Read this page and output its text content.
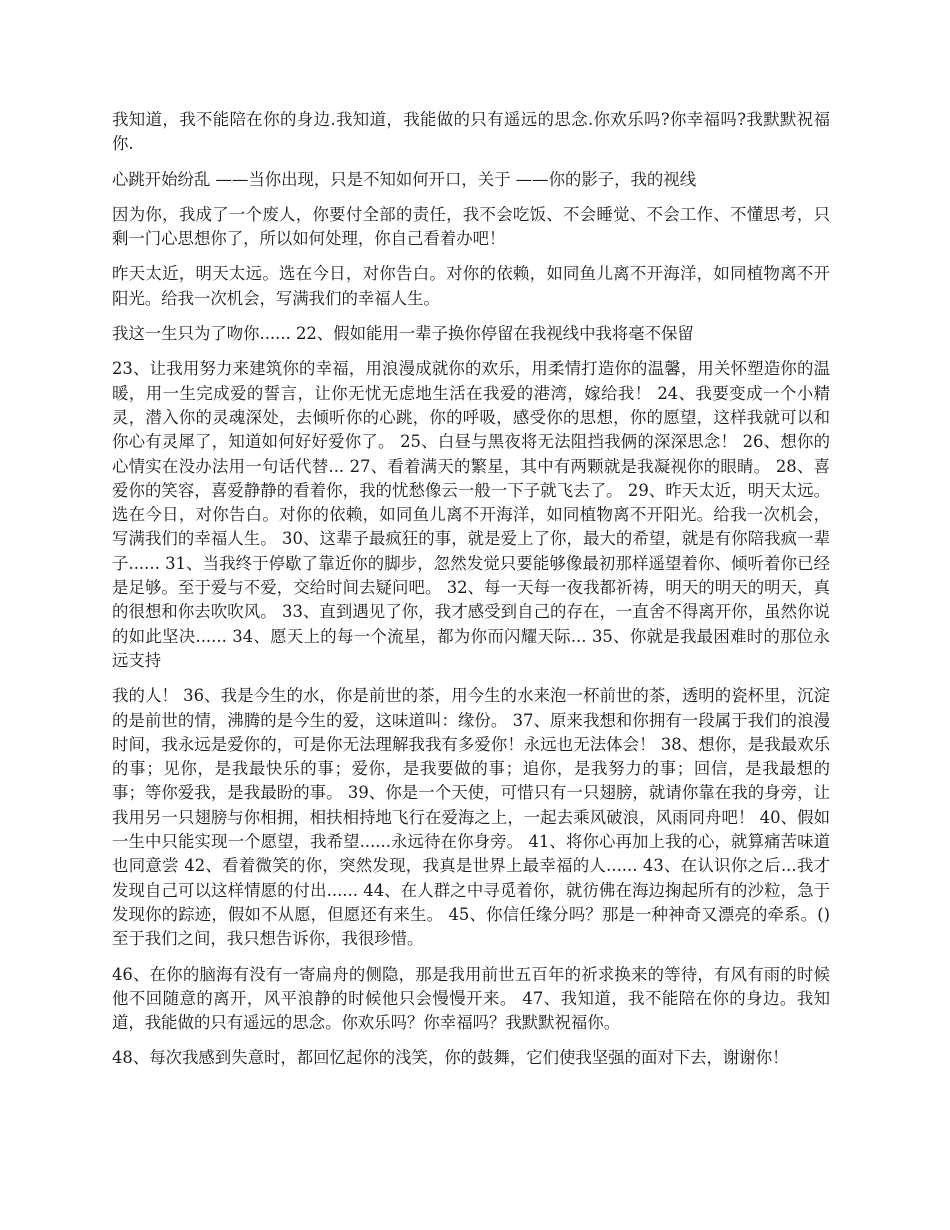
我知道，我不能陪在你的身边.我知道，我能做的只有遥远的思念.你欢乐吗?你幸福吗?我默默祝福你.

心跳开始纷乱 ——当你出现，只是不知如何开口，关于 ——你的影子，我的视线

因为你，我成了一个废人，你要付全部的责任，我不会吃饭、不会睡觉、不会工作、不懂思考，只剩一门心思想你了，所以如何处理，你自己看着办吧！

昨天太近，明天太远。选在今日，对你告白。对你的依赖，如同鱼儿离不开海洋，如同植物离不开阳光。给我一次机会，写满我们的幸福人生。

我这一生只为了吻你...... 22、假如能用一辈子换你停留在我视线中我将毫不保留

23、让我用努力来建筑你的幸福，用浪漫成就你的欢乐，用柔情打造你的温馨，用关怀塑造你的温暖，用一生完成爱的誓言，让你无忧无虑地生活在我爱的港湾，嫁给我！ 24、我要变成一个小精灵，潜入你的灵魂深处，去倾听你的心跳，你的呼吸，感受你的思想，你的愿望，这样我就可以和你心有灵犀了，知道如何好好爱你了。 25、白昼与黑夜将无法阻挡我俩的深深思念！ 26、想你的心情实在没办法用一句话代替... 27、看着满天的繁星，其中有两颗就是我凝视你的眼睛。 28、喜爱你的笑容，喜爱静静的看着你，我的忧愁像云一般一下子就飞去了。 29、昨天太近，明天太远。选在今日，对你告白。对你的依赖，如同鱼儿离不开海洋，如同植物离不开阳光。给我一次机会，写满我们的幸福人生。 30、这辈子最疯狂的事，就是爱上了你，最大的希望，就是有你陪我疯一辈子...... 31、当我终于停歇了靠近你的脚步，忽然发觉只要能够像最初那样遥望着你、倾听着你已经是足够。至于爱与不爱，交给时间去疑问吧。 32、每一天每一夜我都祈祷，明天的明天的明天，真的很想和你去吹吹风。 33、直到遇见了你，我才感受到自己的存在，一直舍不得离开你，虽然你说的如此坚决...... 34、愿天上的每一个流星，都为你而闪耀天际... 35、你就是我最困难时的那位永远支持

我的人！ 36、我是今生的水，你是前世的茶，用今生的水来泡一杯前世的茶，透明的瓷杯里，沉淀的是前世的情，沸腾的是今生的爱，这味道叫：缘份。 37、原来我想和你拥有一段属于我们的浪漫时间，我永远是爱你的，可是你无法理解我我有多爱你！永远也无法体会！ 38、想你，是我最欢乐的事；见你，是我最快乐的事；爱你，是我要做的事；追你，是我努力的事；回信，是我最想的事；等你爱我，是我最盼的事。 39、你是一个天使，可惜只有一只翅膀，就请你靠在我的身旁，让我用另一只翅膀与你相拥，相扶相持地飞行在爱海之上，一起去乘风破浪，风雨同舟吧！ 40、假如一生中只能实现一个愿望，我希望......永远待在你身旁。 41、将你心再加上我的心，就算痛苦味道也同意尝 42、看着微笑的你，突然发现，我真是世界上最幸福的人...... 43、在认识你之后...我才发现自己可以这样情愿的付出...... 44、在人群之中寻觅着你，就彷佛在海边掬起所有的沙粒，急于发现你的踪迹，假如不从愿，但愿还有来生。 45、你信任缘分吗？那是一种神奇又漂亮的牵系。()至于我们之间，我只想告诉你，我很珍惜。

46、在你的脑海有没有一寄扁舟的侧隐，那是我用前世五百年的祈求换来的等待，有风有雨的时候他不回随意的离开，风平浪静的时候他只会慢慢开来。 47、我知道，我不能陪在你的身边。我知道，我能做的只有遥远的思念。你欢乐吗？你幸福吗？我默默祝福你。

48、每次我感到失意时，都回忆起你的浅笑，你的鼓舞，它们使我坚强的面对下去，谢谢你！
